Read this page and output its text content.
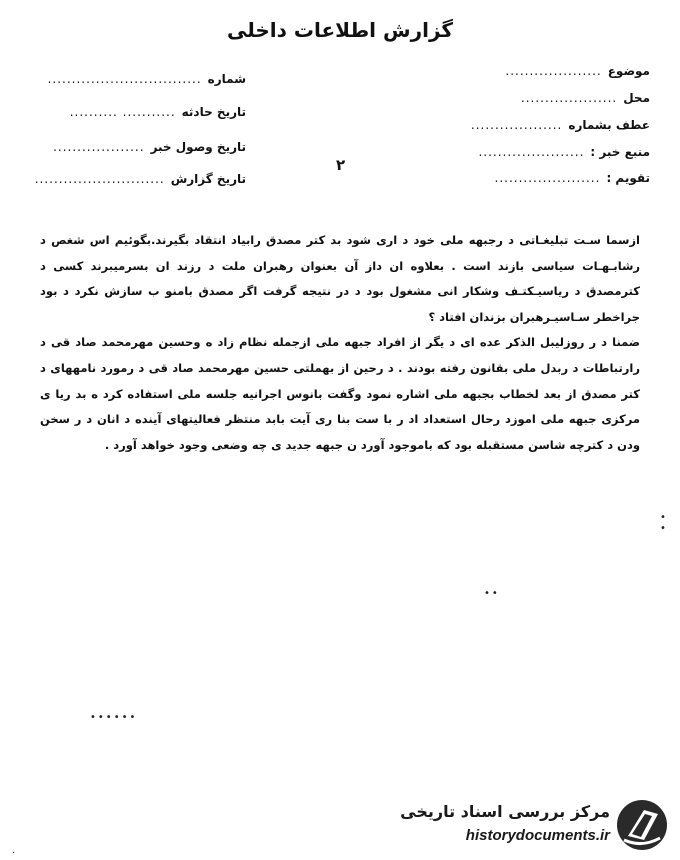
گزارش اطلاعات داخلی
موضوع
....................
محل
....................
عطف بشماره
...................
منبع خبر :
......................
تقویم :
......................
شماره
................................
تاریخ حادثه
.......... ...........
تاریخ وصول خبر
...................
تاریخ گزارش
...........................
۲

ازسما سـت تبلیغـاتی د رجبهه ملی خود د اری شود بد کتر مصدق رابیاد انتقاد بگیرند.بگوئیم اس شغص د رشابـهـات سیاسی بازند است . بعلاوه ان داز آن بعنوان رهبران ملت د رزند ان بسرمیبرند کسی د کترمصدق د ریاسیـکتـف وشکار انی مشغول بود د در نتیجه گرفت اگر مصدق بامنو ب سازش نکرد د بود جراخطر سـاسیـرهبران بزندان افتاد ؟

ضمنا د ر روزلیبل الذکر عده ای د یگر از افراد جبهه ملی ازجمله نظام زاد ه وحسین مهرمحمد صاد قی د رارتباطات د ربدل ملی بقانون رفته بودند . د رحین از بهملتی حسین مهرمحمد صاد قی د رمورد نامههای د کتر مصدق از بعد لخطاب بجبهه ملی اشاره نمود وگفت بانوس اجرانیه جلسه ملی استفاده کرد ه بد ریا ی مرکزی جبهه ملی اموزد رحال استعداد اد ر با ست بنا ری آیت بابد منتظر فعالیتهای آینده د انان د ر سخن ودن د کترچه شاسن مستقبله بود که باموجود آورد ن جبهه جدید ی چه وضعی وجود خواهد آورد .

• •
••
••••••
·
مرکز بررسی اسناد تاریخی
historydocuments.ir
